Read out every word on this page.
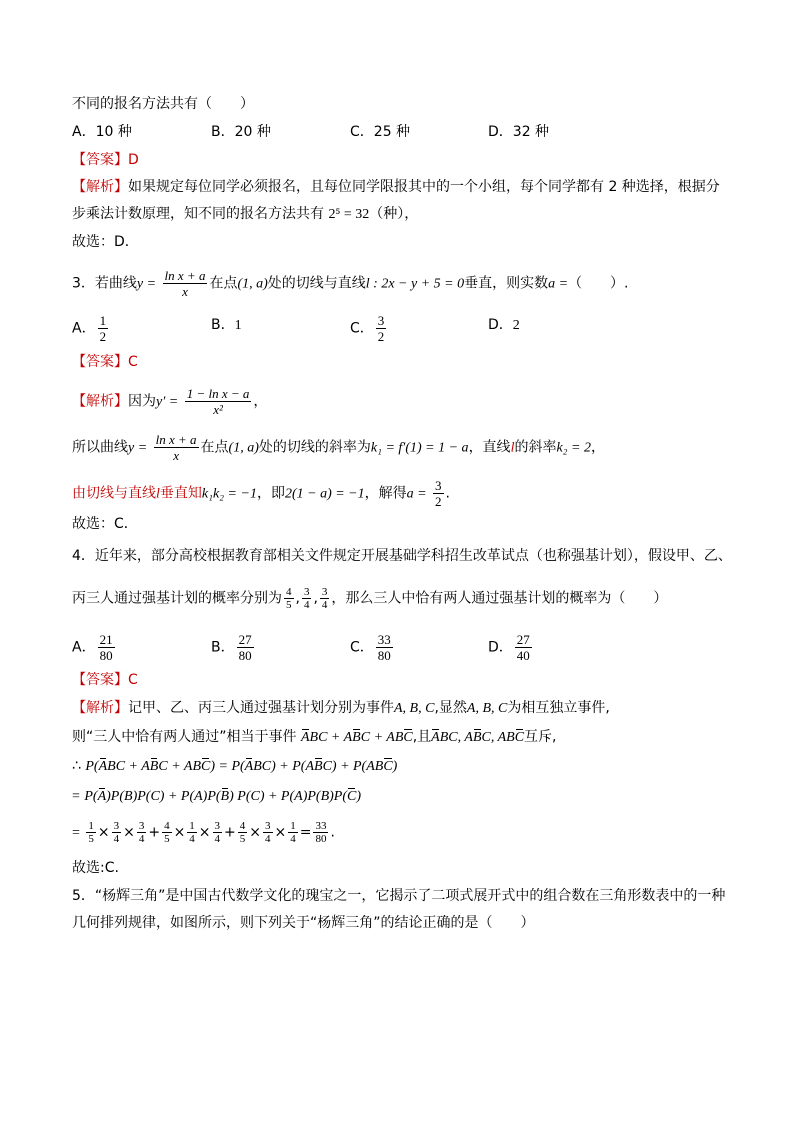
不同的报名方法共有（　　）
A．10 种	B．20 种	C．25 种	D．32 种
【答案】D
【解析】如果规定每位同学必须报名，且每位同学限报其中的一个小组，每个同学都有 2 种选择，根据分
步乘法计数原理，知不同的报名方法共有 2⁵ = 32（种），
故选：D．
3．若曲线$y = \frac{\text{ln x + a}}{x}$ 在点(1, a)处的切线与直线l : 2x − y + 5 = 0垂直，则实数a =（　　）.
A． $\frac{1}{2}$	B．1	C． $\frac{3}{2}$	D．2
【答案】C
【解析】因为$y' = \frac{\text{1 − ln x − a}}{\text{x²}}$ ，
所以曲线$y = \frac{\text{ln x + a}}{x}$ 在点(1, a)处的切线的斜率为k₁ = f′(1) = 1 − a，直线l的斜率k₂ = 2，
由切线与直线l垂直知k₁k₂ = −1，即2(1 − a) = −1，解得$a = \frac{3}{2}$ .
故选：C．
4．近年来，部分高校根据教育部相关文件规定开展基础学科招生改革试点（也称强基计划），假设甲、乙、
丙三人通过强基计划的概率分别为 $\frac{4}{5}$ , $\frac{3}{4}$ , $\frac{3}{4}$ ，那么三人中恰有两人通过强基计划的概率为（　　）
A． $\frac{21}{80}$	B． $\frac{27}{80}$	C． $\frac{33}{80}$	D． $\frac{27}{40}$
【答案】C
【解析】记甲、乙、丙三人通过强基计划分别为事件A, B, C,显然A, B, C为相互独立事件,
则“三人中恰有两人通过”相当于事件 ABC + ABC + ABC,且ABC, ABC, ABC互斥,
∴ P(ABC + ABC + ABC) = P(ABC) + P(ABC) + P(ABC)
= P(A)P(B)P(C) + P(A)P(B) P(C) + P(A)P(B)P(C)
= $\frac{1}{5} \times \frac{3}{4} \times \frac{3}{4} + \frac{4}{5} \times \frac{1}{4} \times \frac{3}{4} + \frac{4}{5} \times \frac{3}{4} \times \frac{1}{4} = \frac{33}{80}$ .
故选:C.
5．“杨辉三角”是中国古代数学文化的瑰宝之一，它揭示了二项式展开式中的组合数在三角形数表中的一种
几何排列规律，如图所示，则下列关于“杨辉三角”的结论正确的是（　　）
